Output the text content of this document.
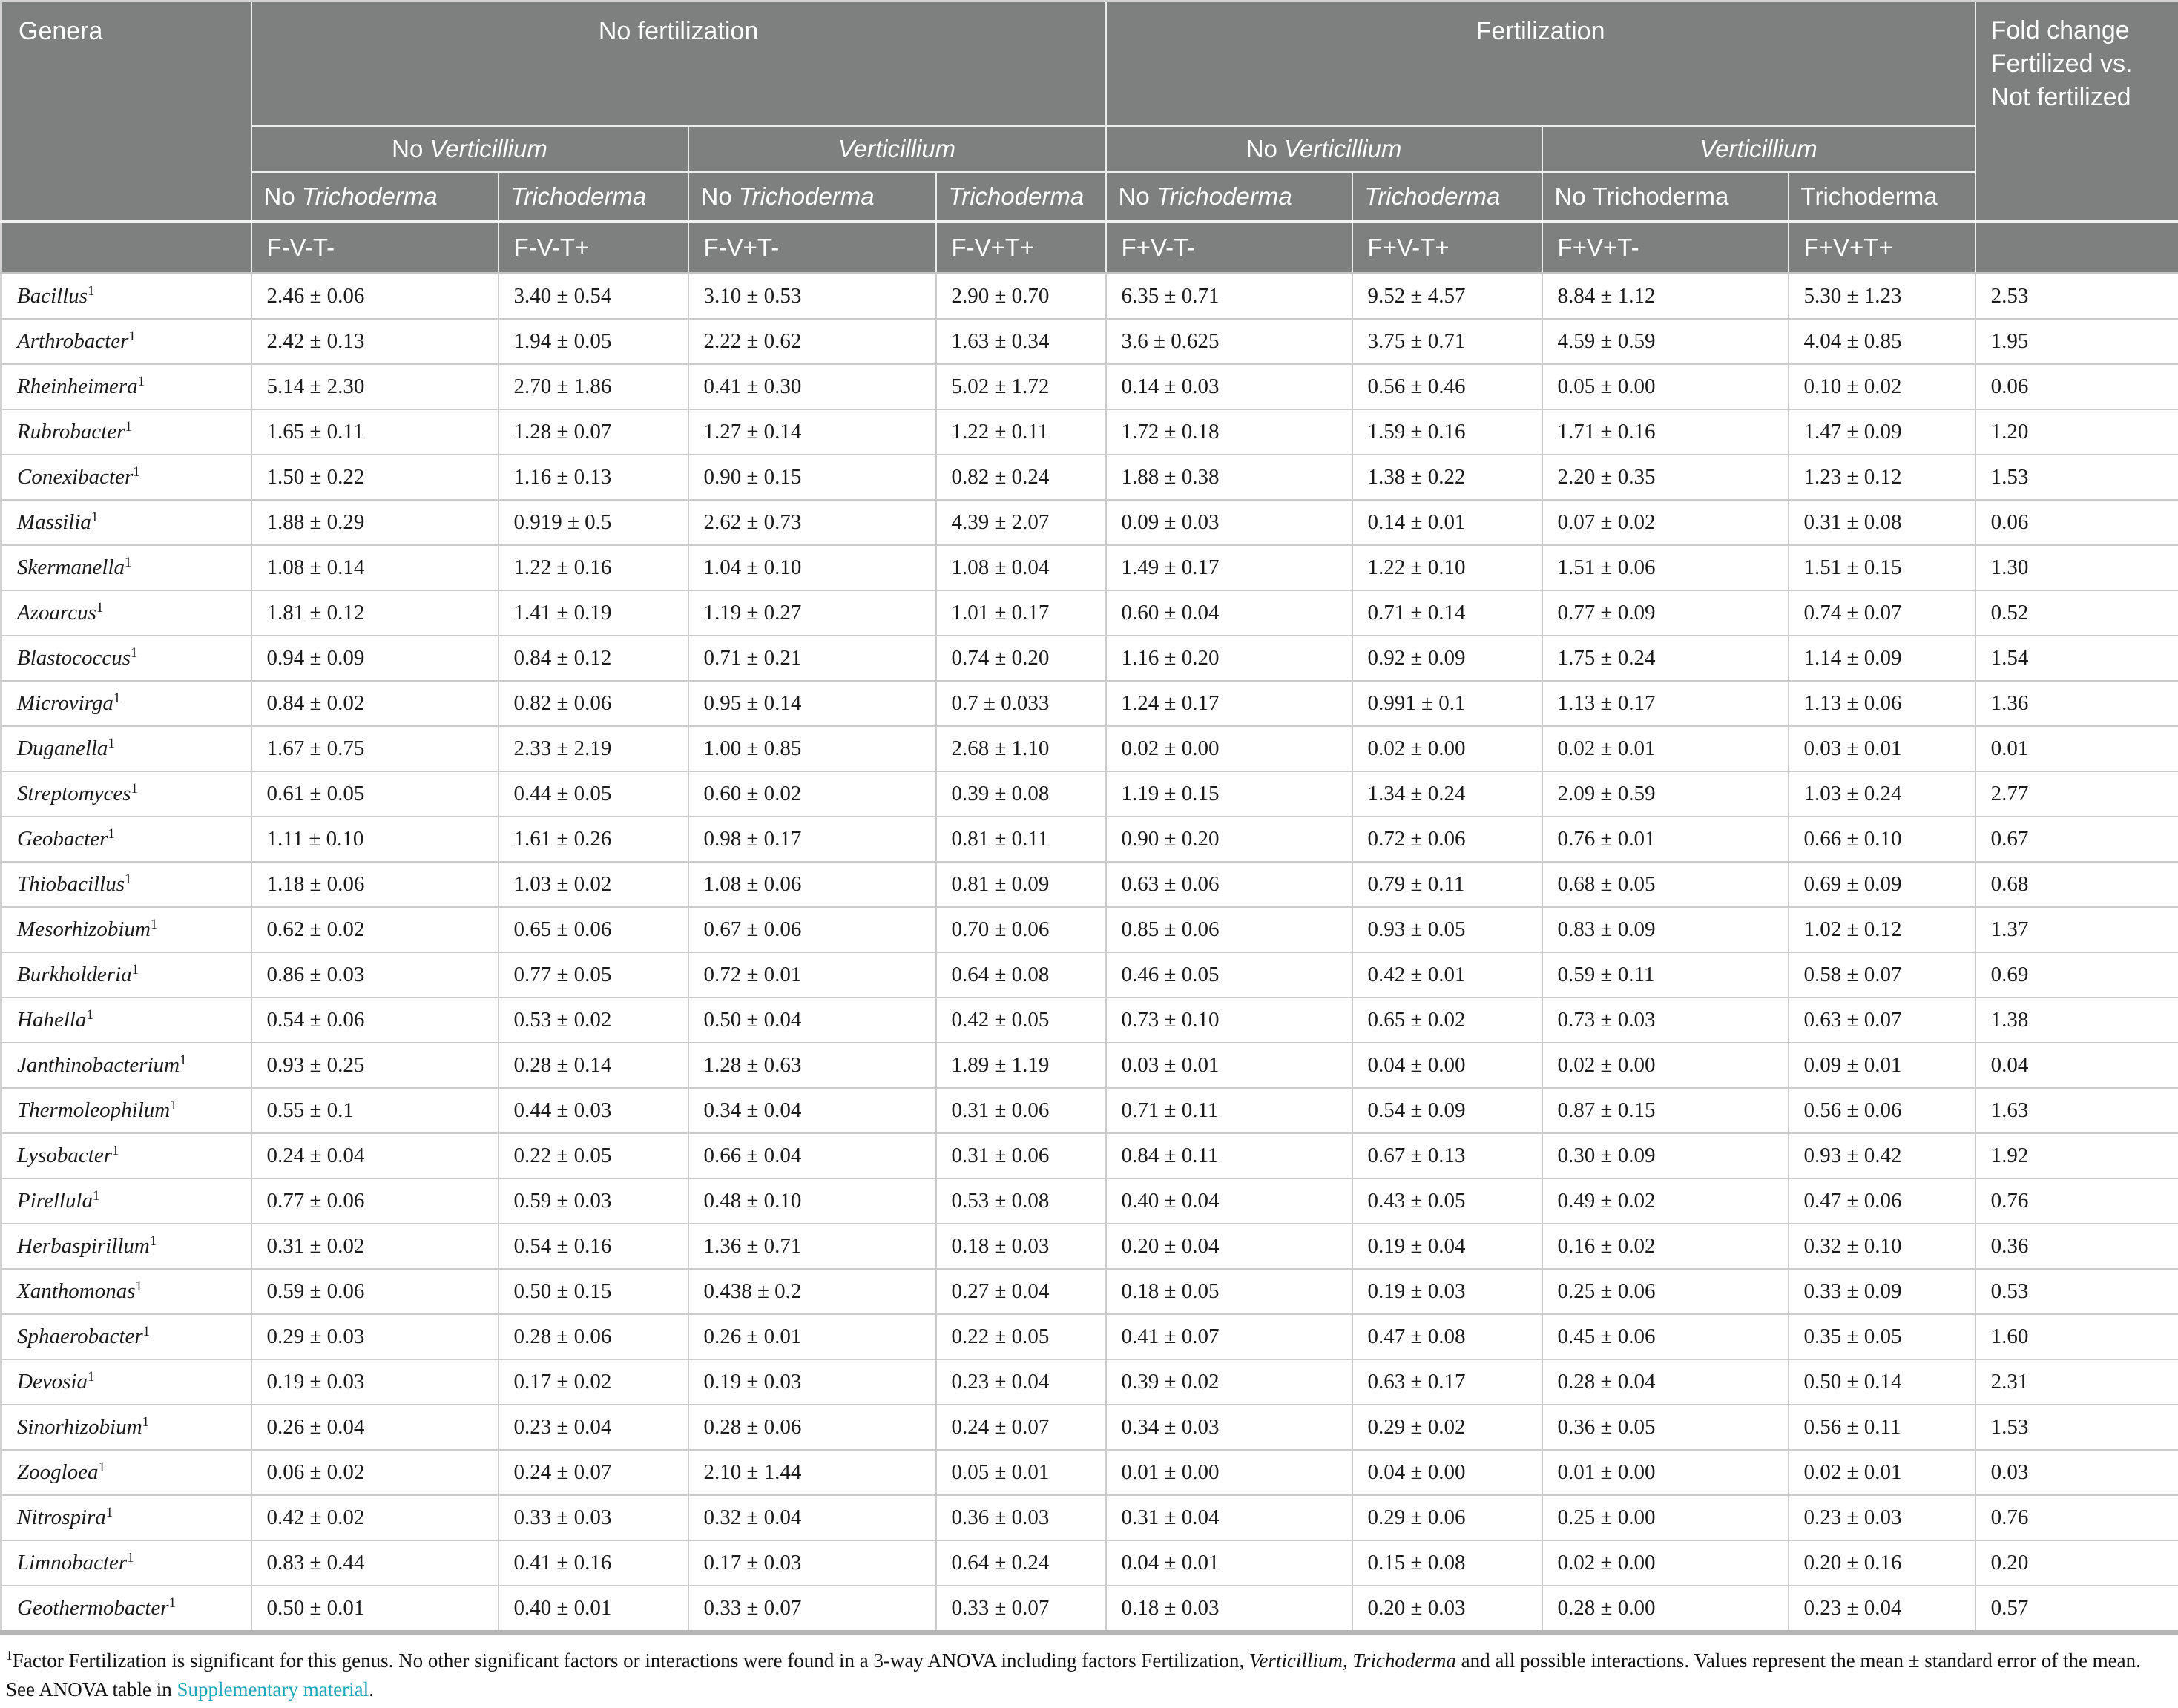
Genera	No fertilization				Fertilization				Fold change
Fertilized vs.
Not fertilized
	No Verticillium		Verticillium		No Verticillium		Verticillium		
	No Trichoderma	Trichoderma	No Trichoderma	Trichoderma	No Trichoderma	Trichoderma	No Trichoderma	Trichoderma	
	F-V-T-	F-V-T+	F-V+T-	F-V+T+	F+V-T-	F+V-T+	F+V+T-	F+V+T+	
Bacillus$^1$	2.46 ± 0.06	3.40 ± 0.54	3.10 ± 0.53	2.90 ± 0.70	6.35 ± 0.71	9.52 ± 4.57	8.84 ± 1.12	5.30 ± 1.23	2.53
Arthrobacter$^1$	2.42 ± 0.13	1.94 ± 0.05	2.22 ± 0.62	1.63 ± 0.34	3.6 ± 0.625	3.75 ± 0.71	4.59 ± 0.59	4.04 ± 0.85	1.95
Rheinheimera$^1$	5.14 ± 2.30	2.70 ± 1.86	0.41 ± 0.30	5.02 ± 1.72	0.14 ± 0.03	0.56 ± 0.46	0.05 ± 0.00	0.10 ± 0.02	0.06
Rubrobacter$^1$	1.65 ± 0.11	1.28 ± 0.07	1.27 ± 0.14	1.22 ± 0.11	1.72 ± 0.18	1.59 ± 0.16	1.71 ± 0.16	1.47 ± 0.09	1.20
Conexibacter$^1$	1.50 ± 0.22	1.16 ± 0.13	0.90 ± 0.15	0.82 ± 0.24	1.88 ± 0.38	1.38 ± 0.22	2.20 ± 0.35	1.23 ± 0.12	1.53
Massilia$^1$	1.88 ± 0.29	0.919 ± 0.5	2.62 ± 0.73	4.39 ± 2.07	0.09 ± 0.03	0.14 ± 0.01	0.07 ± 0.02	0.31 ± 0.08	0.06
Skermanella$^1$	1.08 ± 0.14	1.22 ± 0.16	1.04 ± 0.10	1.08 ± 0.04	1.49 ± 0.17	1.22 ± 0.10	1.51 ± 0.06	1.51 ± 0.15	1.30
Azoarcus$^1$	1.81 ± 0.12	1.41 ± 0.19	1.19 ± 0.27	1.01 ± 0.17	0.60 ± 0.04	0.71 ± 0.14	0.77 ± 0.09	0.74 ± 0.07	0.52
Blastococcus$^1$	0.94 ± 0.09	0.84 ± 0.12	0.71 ± 0.21	0.74 ± 0.20	1.16 ± 0.20	0.92 ± 0.09	1.75 ± 0.24	1.14 ± 0.09	1.54
Microvirga$^1$	0.84 ± 0.02	0.82 ± 0.06	0.95 ± 0.14	0.7 ± 0.033	1.24 ± 0.17	0.991 ± 0.1	1.13 ± 0.17	1.13 ± 0.06	1.36
Duganella$^1$	1.67 ± 0.75	2.33 ± 2.19	1.00 ± 0.85	2.68 ± 1.10	0.02 ± 0.00	0.02 ± 0.00	0.02 ± 0.01	0.03 ± 0.01	0.01
Streptomyces$^1$	0.61 ± 0.05	0.44 ± 0.05	0.60 ± 0.02	0.39 ± 0.08	1.19 ± 0.15	1.34 ± 0.24	2.09 ± 0.59	1.03 ± 0.24	2.77
Geobacter$^1$	1.11 ± 0.10	1.61 ± 0.26	0.98 ± 0.17	0.81 ± 0.11	0.90 ± 0.20	0.72 ± 0.06	0.76 ± 0.01	0.66 ± 0.10	0.67
Thiobacillus$^1$	1.18 ± 0.06	1.03 ± 0.02	1.08 ± 0.06	0.81 ± 0.09	0.63 ± 0.06	0.79 ± 0.11	0.68 ± 0.05	0.69 ± 0.09	0.68
Mesorhizobium$^1$	0.62 ± 0.02	0.65 ± 0.06	0.67 ± 0.06	0.70 ± 0.06	0.85 ± 0.06	0.93 ± 0.05	0.83 ± 0.09	1.02 ± 0.12	1.37
Burkholderia$^1$	0.86 ± 0.03	0.77 ± 0.05	0.72 ± 0.01	0.64 ± 0.08	0.46 ± 0.05	0.42 ± 0.01	0.59 ± 0.11	0.58 ± 0.07	0.69
Hahella$^1$	0.54 ± 0.06	0.53 ± 0.02	0.50 ± 0.04	0.42 ± 0.05	0.73 ± 0.10	0.65 ± 0.02	0.73 ± 0.03	0.63 ± 0.07	1.38
Janthinobacterium$^1$	0.93 ± 0.25	0.28 ± 0.14	1.28 ± 0.63	1.89 ± 1.19	0.03 ± 0.01	0.04 ± 0.00	0.02 ± 0.00	0.09 ± 0.01	0.04
Thermoleophilum$^1$	0.55 ± 0.1	0.44 ± 0.03	0.34 ± 0.04	0.31 ± 0.06	0.71 ± 0.11	0.54 ± 0.09	0.87 ± 0.15	0.56 ± 0.06	1.63
Lysobacter$^1$	0.24 ± 0.04	0.22 ± 0.05	0.66 ± 0.04	0.31 ± 0.06	0.84 ± 0.11	0.67 ± 0.13	0.30 ± 0.09	0.93 ± 0.42	1.92
Pirellula$^1$	0.77 ± 0.06	0.59 ± 0.03	0.48 ± 0.10	0.53 ± 0.08	0.40 ± 0.04	0.43 ± 0.05	0.49 ± 0.02	0.47 ± 0.06	0.76
Herbaspirillum$^1$	0.31 ± 0.02	0.54 ± 0.16	1.36 ± 0.71	0.18 ± 0.03	0.20 ± 0.04	0.19 ± 0.04	0.16 ± 0.02	0.32 ± 0.10	0.36
Xanthomonas$^1$	0.59 ± 0.06	0.50 ± 0.15	0.438 ± 0.2	0.27 ± 0.04	0.18 ± 0.05	0.19 ± 0.03	0.25 ± 0.06	0.33 ± 0.09	0.53
Sphaerobacter$^1$	0.29 ± 0.03	0.28 ± 0.06	0.26 ± 0.01	0.22 ± 0.05	0.41 ± 0.07	0.47 ± 0.08	0.45 ± 0.06	0.35 ± 0.05	1.60
Devosia$^1$	0.19 ± 0.03	0.17 ± 0.02	0.19 ± 0.03	0.23 ± 0.04	0.39 ± 0.02	0.63 ± 0.17	0.28 ± 0.04	0.50 ± 0.14	2.31
Sinorhizobium$^1$	0.26 ± 0.04	0.23 ± 0.04	0.28 ± 0.06	0.24 ± 0.07	0.34 ± 0.03	0.29 ± 0.02	0.36 ± 0.05	0.56 ± 0.11	1.53
Zoogloea$^1$	0.06 ± 0.02	0.24 ± 0.07	2.10 ± 1.44	0.05 ± 0.01	0.01 ± 0.00	0.04 ± 0.00	0.01 ± 0.00	0.02 ± 0.01	0.03
Nitrospira$^1$	0.42 ± 0.02	0.33 ± 0.03	0.32 ± 0.04	0.36 ± 0.03	0.31 ± 0.04	0.29 ± 0.06	0.25 ± 0.00	0.23 ± 0.03	0.76
Limnobacter$^1$	0.83 ± 0.44	0.41 ± 0.16	0.17 ± 0.03	0.64 ± 0.24	0.04 ± 0.01	0.15 ± 0.08	0.02 ± 0.00	0.20 ± 0.16	0.20
Geothermobacter$^1$	0.50 ± 0.01	0.40 ± 0.01	0.33 ± 0.07	0.33 ± 0.07	0.18 ± 0.03	0.20 ± 0.03	0.28 ± 0.00	0.23 ± 0.04	0.57
$^1$Factor Fertilization is significant for this genus. No other significant factors or interactions were found in a 3-way ANOVA including factors Fertilization, Verticillium, Trichoderma and all possible interactions. Values represent the mean ± standard error of the mean.
See ANOVA table in Supplementary material.
